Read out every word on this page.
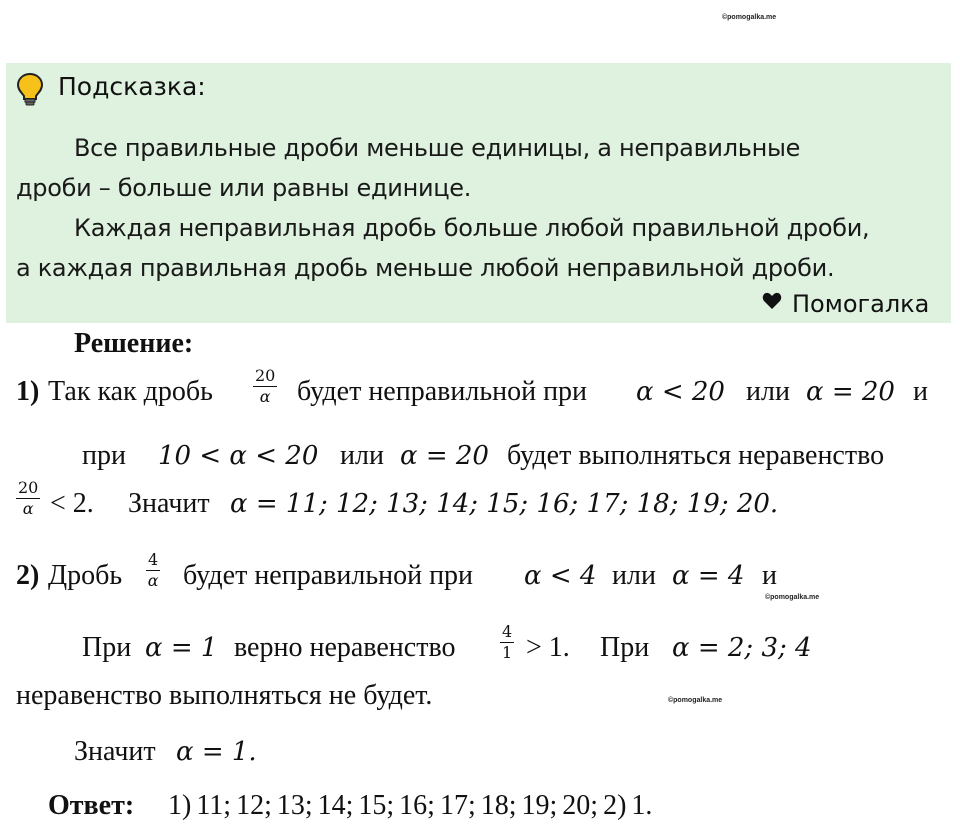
©pomogalka.me
©pomogalka.me
©pomogalka.me
Подсказка:
Все правильные дроби меньше единицы, а неправильные
дроби – больше или равны единице.
Каждая неправильная дробь больше любой правильной дроби,
а каждая правильная дробь меньше любой неправильной дроби.
Помогалка
Решение:
1) Так как дробь	$\frac{20}{\alpha}$ будет неправильной при α < 20 или α = 20 и
при 10 < α < 20 или α = 20 будет выполняться неравенство
$\frac{20}{\alpha} < 2$. Значит α = 11; 12; 13; 14; 15; 16; 17; 18; 19; 20.
2) Дробь $\frac{4}{\alpha}$ будет неправильной при α < 4 или α = 4 и
При α = 1 верно неравенство	$\frac{4}{1} > 1$. При α = 2; 3; 4
неравенство выполняться не будет.
Значит α = 1.
Ответ: 1) 11; 12; 13; 14; 15; 16; 17; 18; 19; 20; 2) 1.
